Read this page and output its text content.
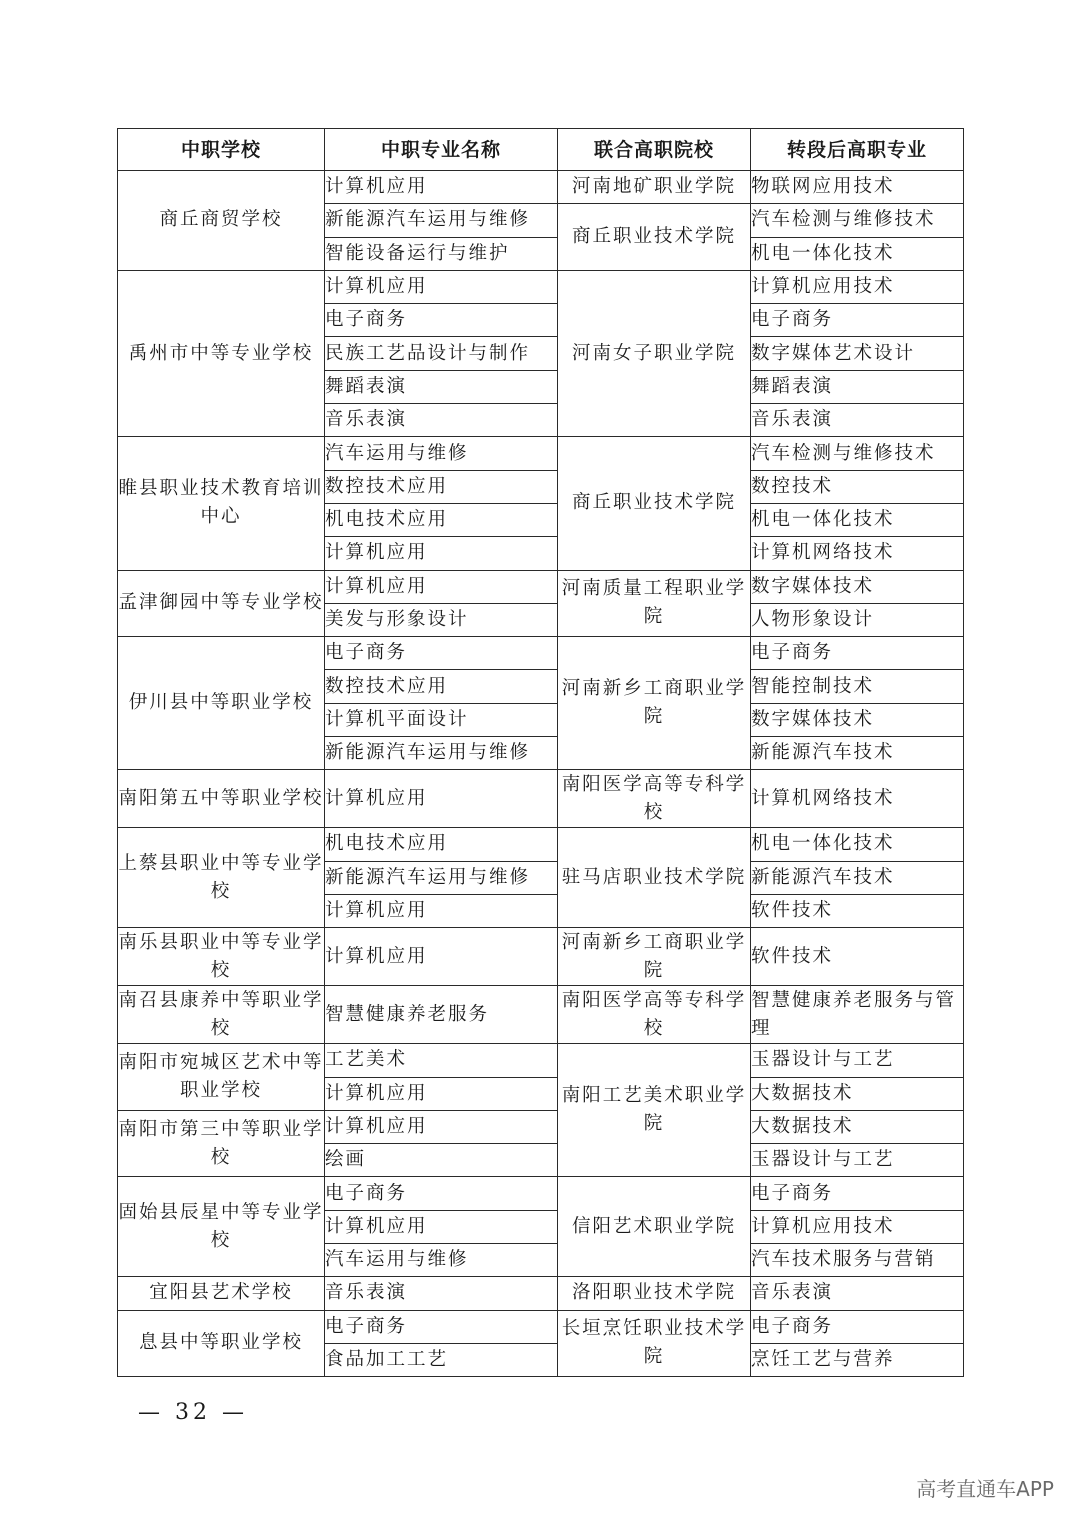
中职学校	中职专业名称	联合高职院校	转段后高职专业
商丘商贸学校	计算机应用	河南地矿职业学院	物联网应用技术
	新能源汽车运用与维修	商丘职业技术学院	汽车检测与维修技术
	智能设备运行与维护		机电一体化技术
禹州市中等专业学校	计算机应用	河南女子职业学院	计算机应用技术
	电子商务		电子商务
	民族工艺品设计与制作		数字媒体艺术设计
	舞蹈表演		舞蹈表演
	音乐表演		音乐表演
睢县职业技术教育培训中心	汽车运用与维修	商丘职业技术学院	汽车检测与维修技术
	数控技术应用		数控技术
	机电技术应用		机电一体化技术
	计算机应用		计算机网络技术
孟津御园中等专业学校	计算机应用	河南质量工程职业学院	数字媒体技术
	美发与形象设计		人物形象设计
伊川县中等职业学校	电子商务	河南新乡工商职业学院	电子商务
	数控技术应用		智能控制技术
	计算机平面设计		数字媒体技术
	新能源汽车运用与维修		新能源汽车技术
南阳第五中等职业学校	计算机应用	南阳医学高等专科学校	计算机网络技术
上蔡县职业中等专业学校	机电技术应用	驻马店职业技术学院	机电一体化技术
	新能源汽车运用与维修		新能源汽车技术
	计算机应用		软件技术
南乐县职业中等专业学校	计算机应用	河南新乡工商职业学院	软件技术
南召县康养中等职业学校	智慧健康养老服务	南阳医学高等专科学校	智慧健康养老服务与管理
南阳市宛城区艺术中等职业学校	工艺美术	南阳工艺美术职业学院	玉器设计与工艺
	计算机应用		大数据技术
南阳市第三中等职业学校	计算机应用		大数据技术
	绘画		玉器设计与工艺
固始县辰星中等专业学校	电子商务	信阳艺术职业学院	电子商务
	计算机应用		计算机应用技术
	汽车运用与维修		汽车技术服务与营销
宜阳县艺术学校	音乐表演	洛阳职业技术学院	音乐表演
息县中等职业学校	电子商务	长垣烹饪职业技术学院	电子商务
	食品加工工艺		烹饪工艺与营养
— 32 —
高考直通车APP
